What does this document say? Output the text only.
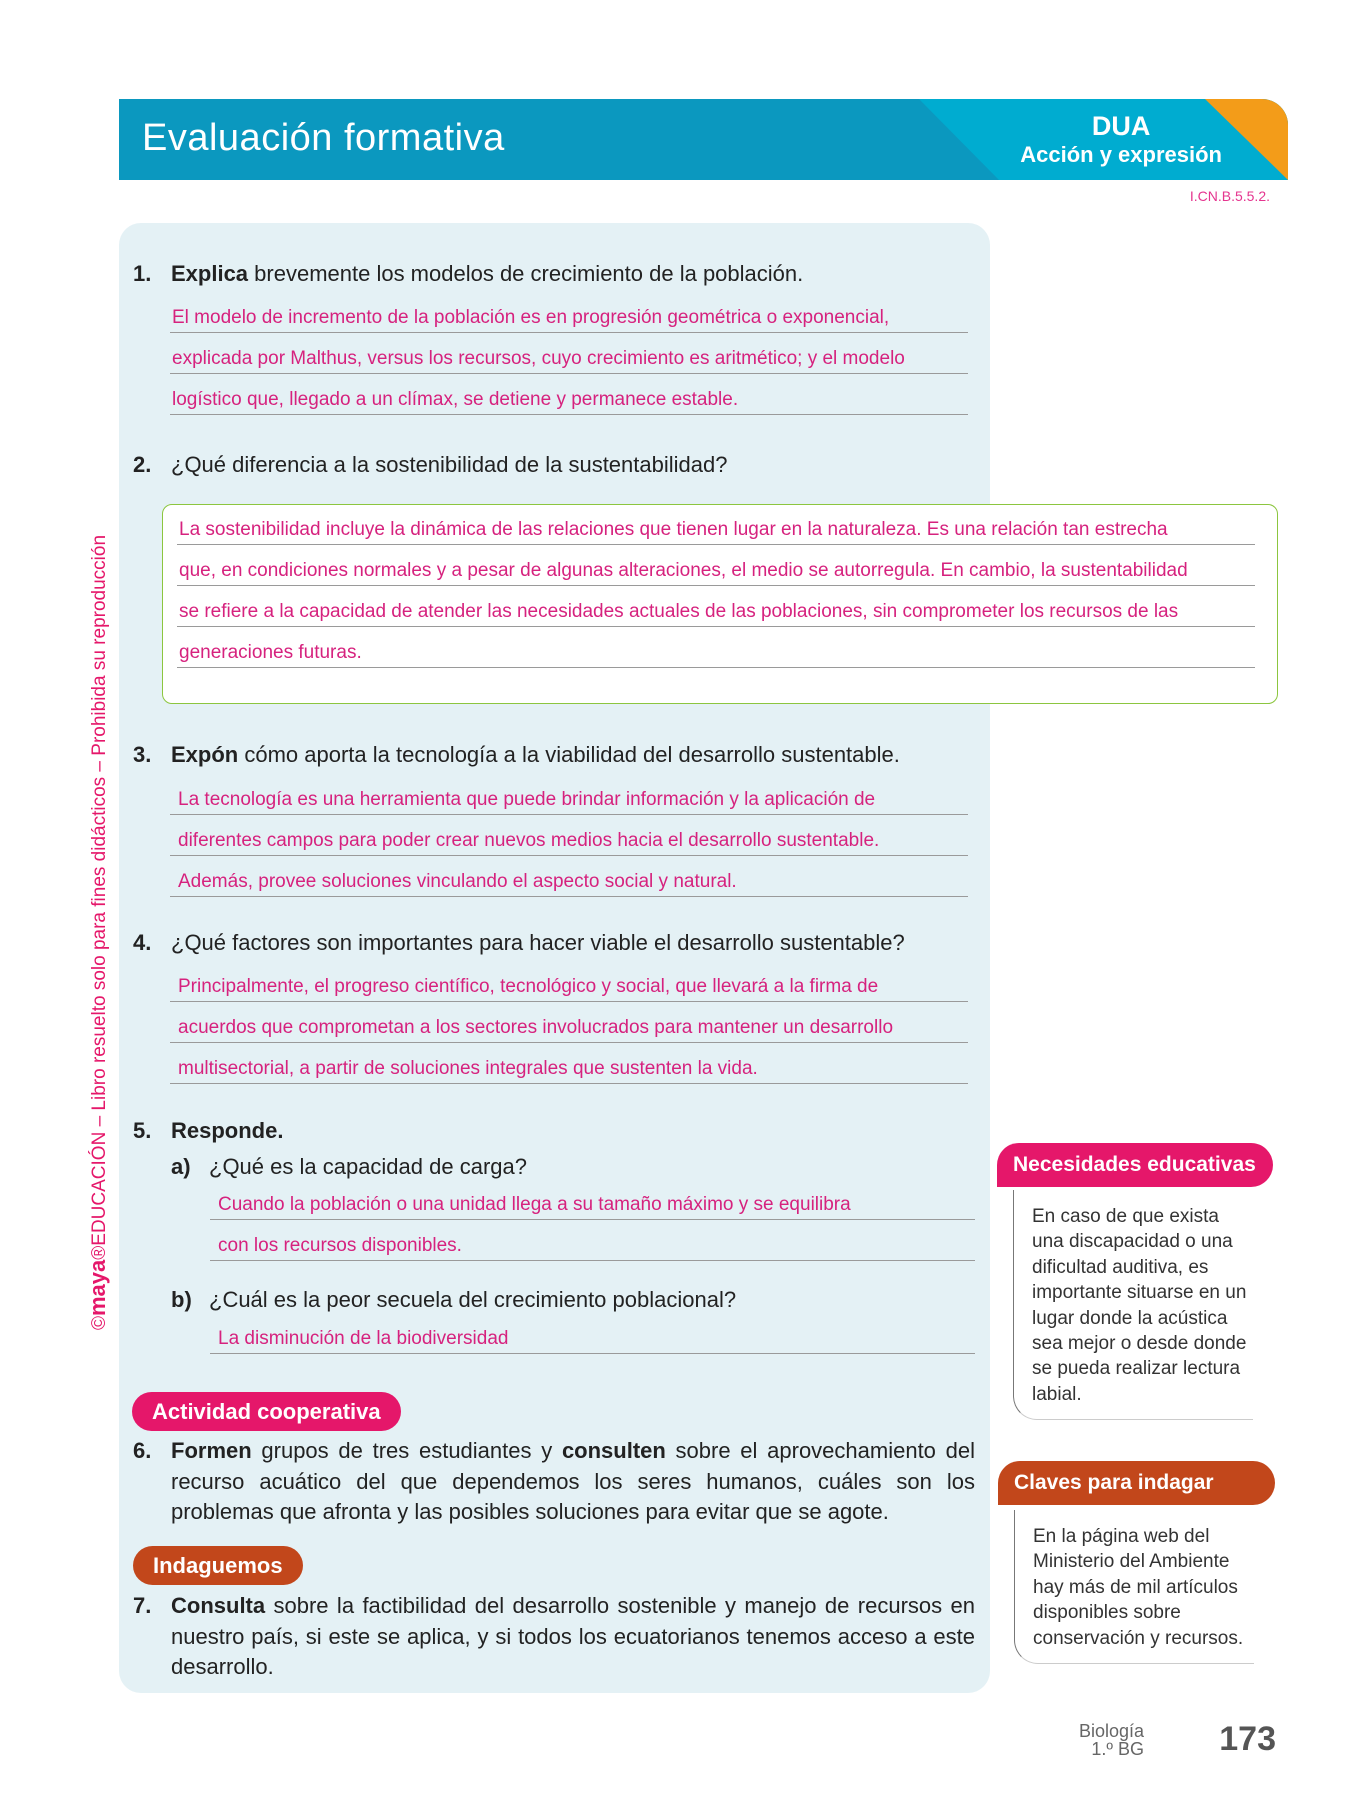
Evaluación formativa	DUA
Acción y expresión
I.CN.B.5.5.2.
©maya®EDUCACIÓN – Libro resuelto solo para fines didácticos – Prohibida su reproducción
1. Explica brevemente los modelos de crecimiento de la población.
El modelo de incremento de la población es en progresión geométrica o exponencial,
explicada por Malthus, versus los recursos, cuyo crecimiento es aritmético; y el modelo
logístico que, llegado a un clímax, se detiene y permanece estable.
2. ¿Qué diferencia a la sostenibilidad de la sustentabilidad?
La sostenibilidad incluye la dinámica de las relaciones que tienen lugar en la naturaleza. Es una relación tan estrecha
que, en condiciones normales y a pesar de algunas alteraciones, el medio se autorregula. En cambio, la sustentabilidad
se refiere a la capacidad de atender las necesidades actuales de las poblaciones, sin comprometer los recursos de las
generaciones futuras.
3. Expón cómo aporta la tecnología a la viabilidad del desarrollo sustentable.
La tecnología es una herramienta que puede brindar información y la aplicación de
diferentes campos para poder crear nuevos medios hacia el desarrollo sustentable.
Además, provee soluciones vinculando el aspecto social y natural.
4. ¿Qué factores son importantes para hacer viable el desarrollo sustentable?
Principalmente, el progreso científico, tecnológico y social, que llevará a la firma de
acuerdos que comprometan a los sectores involucrados para mantener un desarrollo
multisectorial, a partir de soluciones integrales que sustenten la vida.
5. Responde.
a) ¿Qué es la capacidad de carga?
Cuando la población o una unidad llega a su tamaño máximo y se equilibra
con los recursos disponibles.
b) ¿Cuál es la peor secuela del crecimiento poblacional?
La disminución de la biodiversidad
Actividad cooperativa
6. Formen grupos de tres estudiantes y consulten sobre el aprovechamiento del recurso acuático del que dependemos los seres humanos, cuáles son los problemas que afronta y las posibles soluciones para evitar que se agote.
Indaguemos
7. Consulta sobre la factibilidad del desarrollo sostenible y manejo de recursos en nuestro país, si este se aplica, y si todos los ecuatorianos tenemos acceso a este desarrollo.
Necesidades educativas
En caso de que exista una discapacidad o una dificultad auditiva, es importante situarse en un lugar donde la acústica sea mejor o desde donde se pueda realizar lectura labial.
Claves para indagar
En la página web del Ministerio del Ambiente hay más de mil artículos disponibles sobre conservación y recursos.
Biología
1.º BG 173
